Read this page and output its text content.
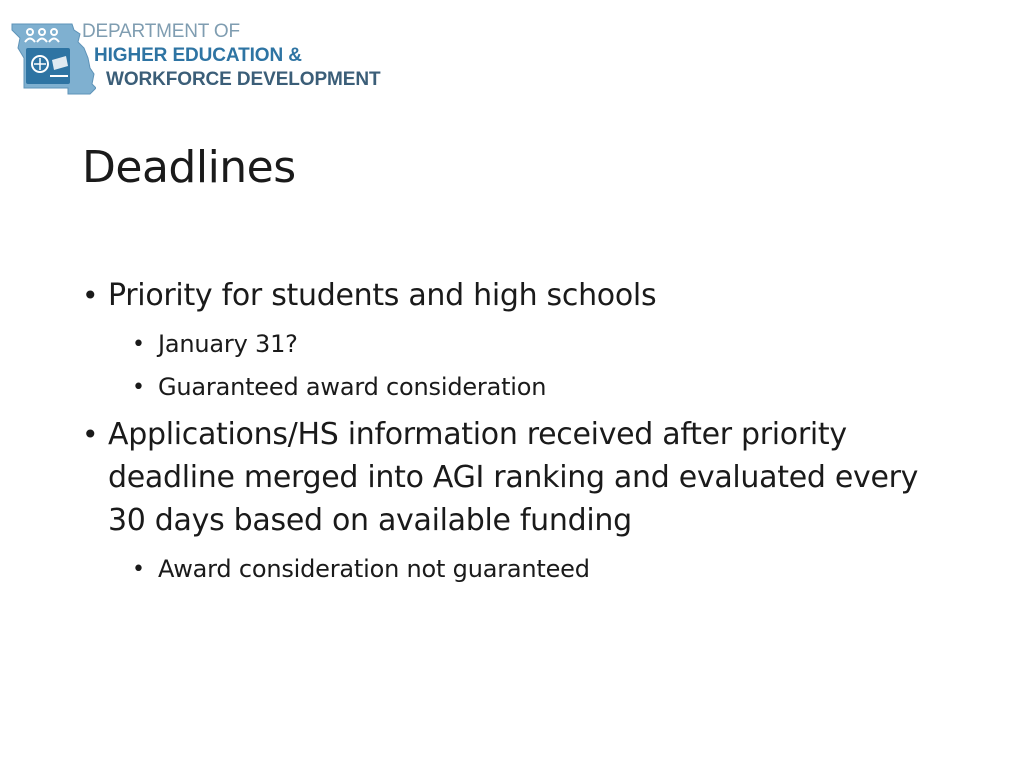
DEPARTMENT OF
HIGHER EDUCATION &
WORKFORCE DEVELOPMENT
Deadlines

• Priority for students and high schools

• January 31?

• Guaranteed award consideration

• Applications/HS information received after priority deadline merged into AGI ranking and evaluated every 30 days based on available funding

• Award consideration not guaranteed
